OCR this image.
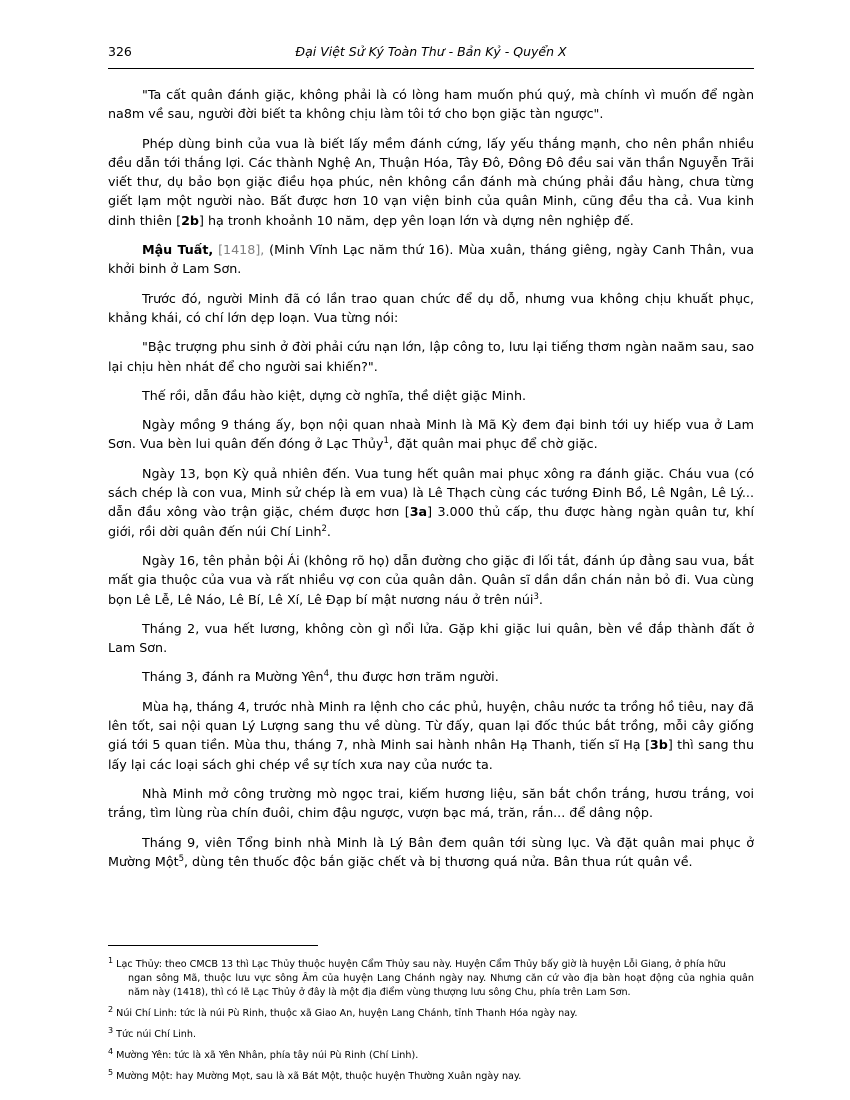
326	Đại Việt Sử Ký Toàn Thư - Bản Kỷ - Quyển X

"Ta cất quân đánh giặc, không phải là có lòng ham muốn phú quý, mà chính vì muốn để ngàn na8m về sau, người đời biết ta không chịu làm tôi tớ cho bọn giặc tàn ngược".

Phép dùng binh của vua là biết lấy mềm đánh cứng, lấy yếu thắng mạnh, cho nên phần nhiều đều dẫn tới thắng lợi. Các thành Nghệ An, Thuận Hóa, Tây Đô, Đông Đô đều sai văn thần Nguyễn Trãi viết thư, dụ bảo bọn giặc điều họa phúc, nên không cần đánh mà chúng phải đầu hàng, chưa từng giết lạm một người nào. Bất được hơn 10 vạn viện binh của quân Minh, cũng đều tha cả. Vua kinh dinh thiên [2b] hạ tronh khoảnh 10 năm, dẹp yên loạn lớn và dựng nên nghiệp đế.

Mậu Tuất, [1418], (Minh Vĩnh Lạc năm thứ 16). Mùa xuân, tháng giêng, ngày Canh Thân, vua khởi binh ở Lam Sơn.

Trước đó, người Minh đã có lần trao quan chức để dụ dỗ, nhưng vua không chịu khuất phục, khảng khái, có chí lớn dẹp loạn. Vua từng nói:

"Bậc trượng phu sinh ở đời phải cứu nạn lớn, lập công to, lưu lại tiếng thơm ngàn naăm sau, sao lại chịu hèn nhát để cho người sai khiến?".

Thế rồi, dẫn đầu hào kiệt, dựng cờ nghĩa, thề diệt giặc Minh.

Ngày mồng 9 tháng ấy, bọn nội quan nhaà Minh là Mã Kỳ đem đại binh tới uy hiếp vua ở Lam Sơn. Vua bèn lui quân đến đóng ở Lạc Thủy$^1$, đặt quân mai phục để chờ giặc.

Ngày 13, bọn Kỳ quả nhiên đến. Vua tung hết quân mai phục xông ra đánh giặc. Cháu vua (có sách chép là con vua, Minh sử chép là em vua) là Lê Thạch cùng các tướng Đinh Bồ, Lê Ngân, Lê Lý... dẫn đầu xông vào trận giặc, chém được hơn [3a] 3.000 thủ cấp, thu được hàng ngàn quân tư, khí giới, rồi dời quân đến núi Chí Linh$^2$.

Ngày 16, tên phản bội Ái (không rõ họ) dẫn đường cho giặc đi lối tắt, đánh úp đằng sau vua, bắt mất gia thuộc của vua và rất nhiều vợ con của quân dân. Quân sĩ dần dần chán nản bỏ đi. Vua cùng bọn Lê Lễ, Lê Náo, Lê Bí, Lê Xí, Lê Đạp bí mật nương náu ở trên núi$^3$.

Tháng 2, vua hết lương, không còn gì nổi lửa. Gặp khi giặc lui quân, bèn về đắp thành đất ở Lam Sơn.

Tháng 3, đánh ra Mường Yên$^4$, thu được hơn trăm người.

Mùa hạ, tháng 4, trước nhà Minh ra lệnh cho các phủ, huyện, châu nước ta trồng hồ tiêu, nay đã lên tốt, sai nội quan Lý Lượng sang thu về dùng. Từ đấy, quan lại đốc thúc bắt trồng, mỗi cây giống giá tới 5 quan tiền. Mùa thu, tháng 7, nhà Minh sai hành nhân Hạ Thanh, tiến sĩ Hạ [3b] thì sang thu lấy lại các loại sách ghi chép về sự tích xưa nay của nước ta.

Nhà Minh mở công trường mò ngọc trai, kiếm hương liệu, săn bắt chồn trắng, hươu trắng, voi trắng, tìm lùng rùa chín đuôi, chim đậu ngược, vượn bạc má, trăn, rắn... để dâng nộp.

Tháng 9, viên Tổng binh nhà Minh là Lý Bân đem quân tới sùng lục. Và đặt quân mai phục ở Mường Một$^5$, dùng tên thuốc độc bắn giặc chết và bị thương quá nửa. Bân thua rút quân về.

$^1$ Lạc Thủy: theo CMCB 13 thì Lạc Thủy thuộc huyện Cẩm Thủy sau này. Huyện Cẩm Thủy bấy giờ là huyện Lỗi Giang, ở phía hữu
ngan sông Mã, thuộc lưu vực sông Âm của huyện Lang Chánh ngày nay. Nhưng căn cứ vào địa bàn hoạt động của nghia quân năm này (1418), thì có lẽ Lạc Thủy ở đây là một địa điểm vùng thượng lưu sông Chu, phía trên Lam Sơn.

$^2$ Núi Chí Linh: tức là núi Pù Rinh, thuộc xã Giao An, huyện Lang Chánh, tỉnh Thanh Hóa ngày nay.

$^3$ Tức núi Chí Linh.

$^4$ Mường Yên: tức là xã Yên Nhân, phía tây núi Pù Rinh (Chí Linh).

$^5$ Mường Một: hay Mường Mọt, sau là xã Bát Một, thuộc huyện Thường Xuân ngày nay.
